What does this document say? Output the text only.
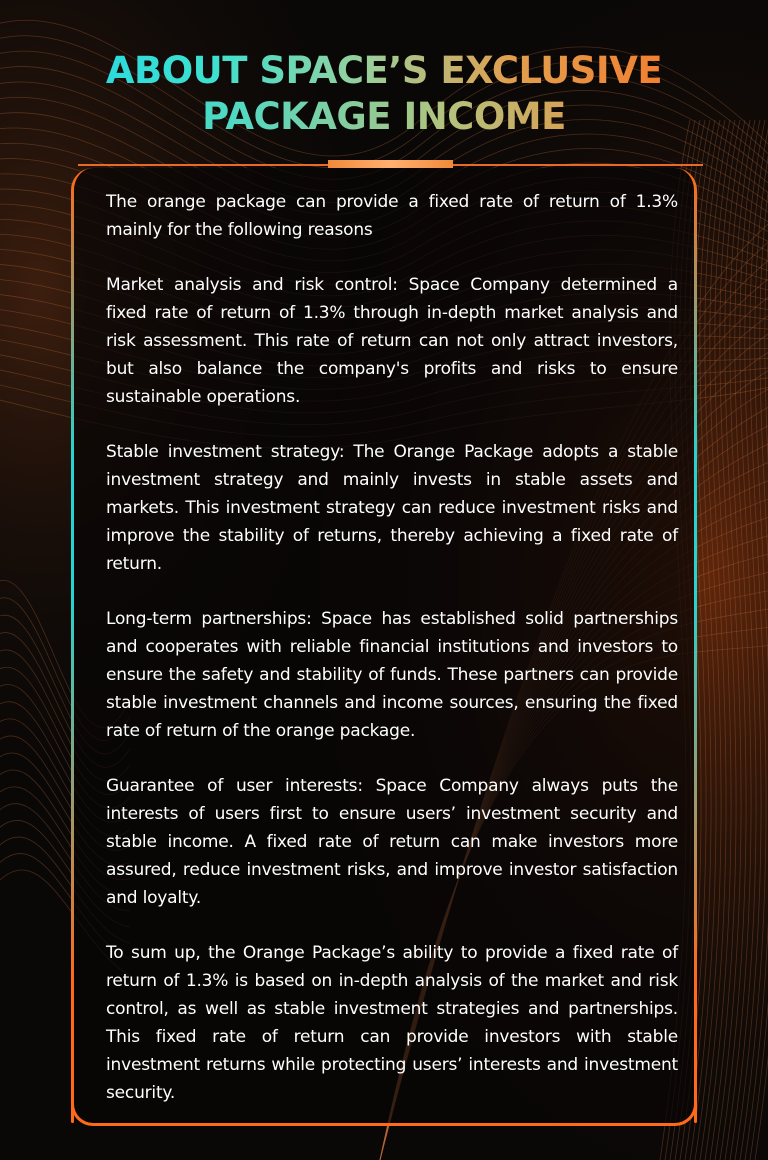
ABOUT SPACE’S EXCLUSIVE
PACKAGE INCOME

The orange package can provide a fixed rate of return of 1.3% mainly for the following reasons

Market analysis and risk control: Space Company determined a fixed rate of return of 1.3% through in-depth market analysis and risk assessment. This rate of return can not only attract investors, but also balance the company's profits and risks to ensure sustainable operations.

Stable investment strategy: The Orange Package adopts a stable investment strategy and mainly invests in stable assets and markets. This investment strategy can reduce investment risks and improve the stability of returns, thereby achieving a fixed rate of return.

Long-term partnerships: Space has established solid partnerships and cooperates with reliable financial institutions and investors to ensure the safety and stability of funds. These partners can provide stable investment channels and income sources, ensuring the fixed rate of return of the orange package.

Guarantee of user interests: Space Company always puts the interests of users first to ensure users’ investment security and stable income. A fixed rate of return can make investors more assured, reduce investment risks, and improve investor satisfaction and loyalty.

To sum up, the Orange Package’s ability to provide a fixed rate of return of 1.3% is based on in-depth analysis of the market and risk control, as well as stable investment strategies and partnerships. This fixed rate of return can provide investors with stable investment returns while protecting users’ interests and investment security.
